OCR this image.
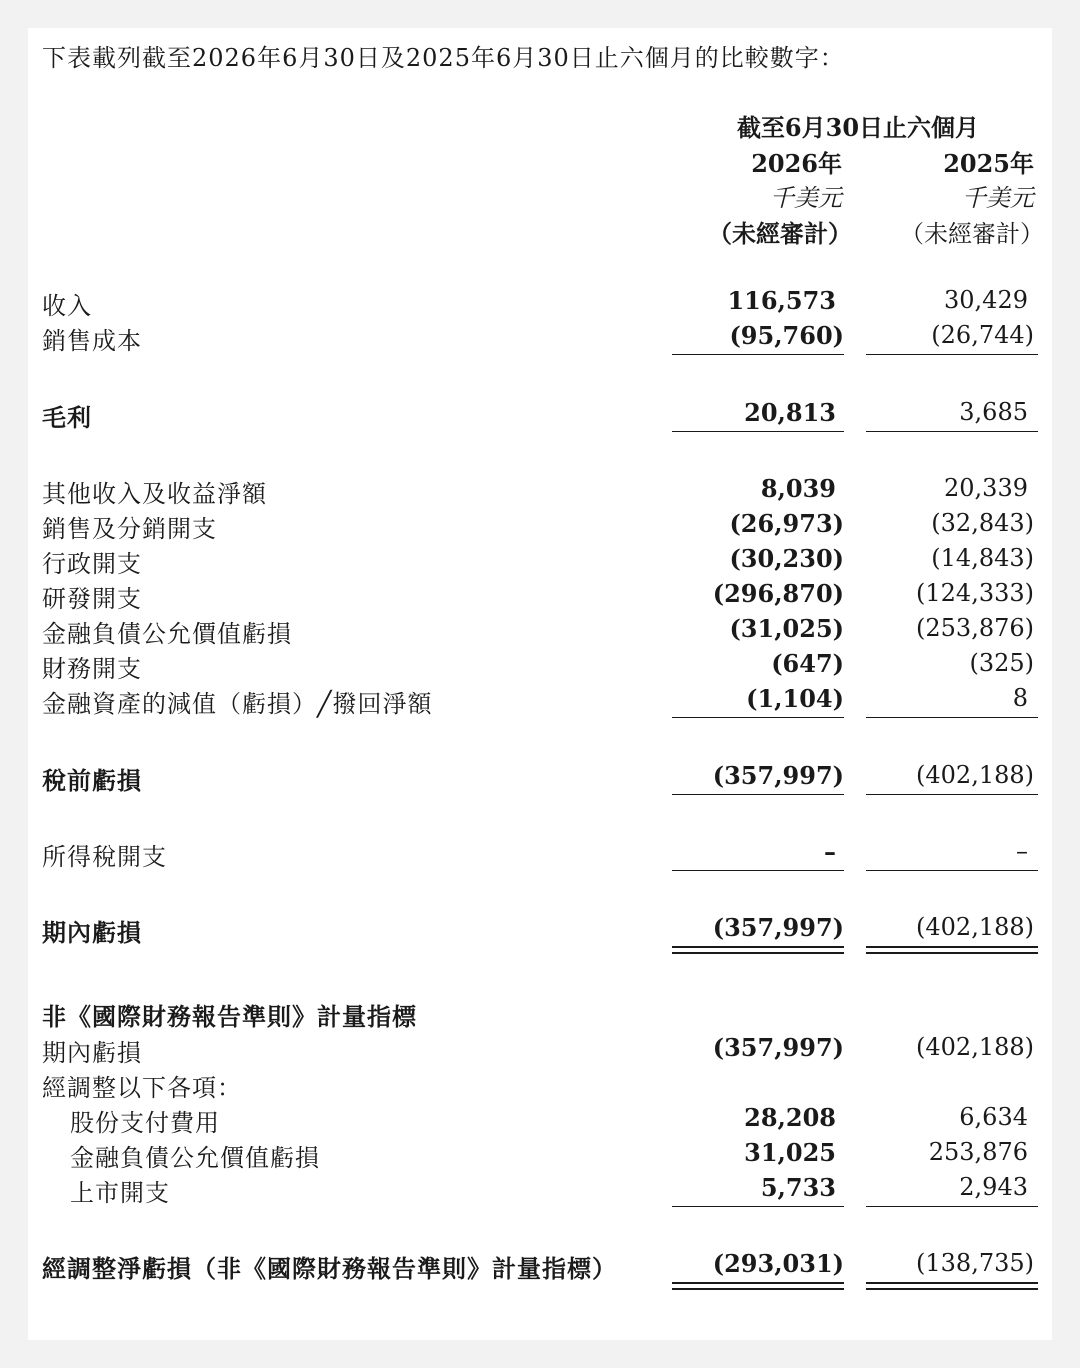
下表載列截至2026年6月30日及2025年6月30日止六個月的比較數字：
截至6月30日止六個月
2026年	2025年
千美元	千美元
（未經審計） （未經審計）
收入	116,573	30,429
銷售成本	(95,760)	(26,744)
毛利	20,813	3,685
其他收入及收益淨額	8,039	20,339
銷售及分銷開支	(26,973)	(32,843)
行政開支	(30,230)	(14,843)
研發開支	(296,870)	(124,333)
金融負債公允價值虧損	(31,025)	(253,876)
財務開支	(647)	(325)
金融資產的減值（虧損）╱撥回淨額	(1,104)	8
稅前虧損	(357,997)	(402,188)
所得稅開支	–	–
期內虧損	(357,997)	(402,188)
非《國際財務報告準則》計量指標
期內虧損	(357,997)	(402,188)
經調整以下各項：
股份支付費用	28,208	6,634
金融負債公允價值虧損	31,025	253,876
上市開支	5,733	2,943
經調整淨虧損（非《國際財務報告準則》計量指標）	(293,031)	(138,735)
